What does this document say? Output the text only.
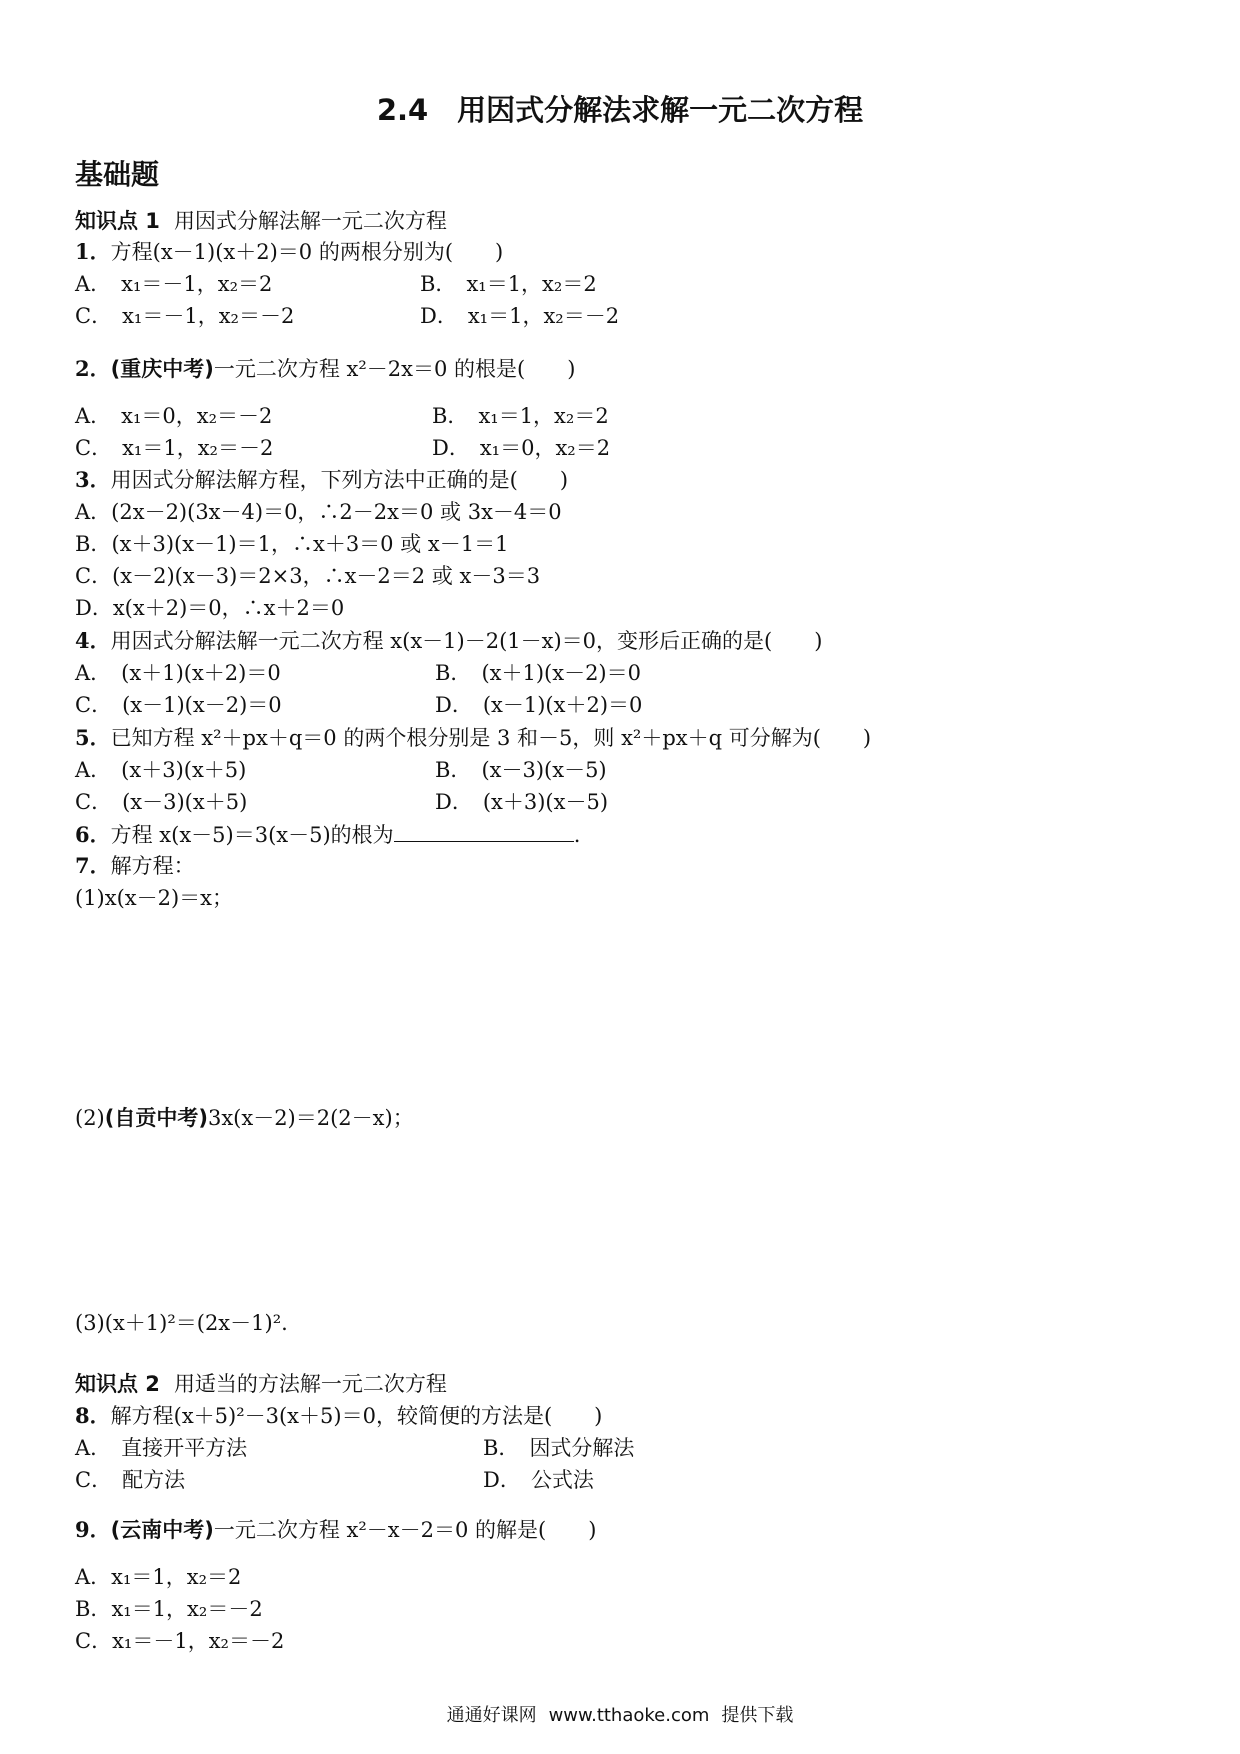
2.4　用因式分解法求解一元二次方程
基础题

知识点 1 用因式分解法解一元二次方程

1．方程(x－1)(x＋2)＝0 的两根分别为(　　)

A． x₁＝－1，x₂＝2	B． x₁＝1，x₂＝2
C． x₁＝－1，x₂＝－2	D． x₁＝1，x₂＝－2

2．(重庆中考)一元二次方程 x²－2x＝0 的根是(　　)

A． x₁＝0，x₂＝－2	B． x₁＝1，x₂＝2
C． x₁＝1，x₂＝－2	D． x₁＝0，x₂＝2

3．用因式分解法解方程，下列方法中正确的是(　　)

A．(2x－2)(3x－4)＝0，∴2－2x＝0 或 3x－4＝0

B．(x＋3)(x－1)＝1，∴x＋3＝0 或 x－1＝1

C．(x－2)(x－3)＝2×3，∴x－2＝2 或 x－3＝3

D．x(x＋2)＝0，∴x＋2＝0

4．用因式分解法解一元二次方程 x(x－1)－2(1－x)＝0，变形后正确的是(　　)

A． (x＋1)(x＋2)＝0	B． (x＋1)(x－2)＝0
C． (x－1)(x－2)＝0	D． (x－1)(x＋2)＝0

5．已知方程 x²＋px＋q＝0 的两个根分别是 3 和－5，则 x²＋px＋q 可分解为(　　)

A． (x＋3)(x＋5)	B． (x－3)(x－5)
C． (x－3)(x＋5)	D． (x＋3)(x－5)

6．方程 x(x－5)＝3(x－5)的根为	.

7．解方程：

(1)x(x－2)＝x；

(2)(自贡中考)3x(x－2)＝2(2－x)；

(3)(x＋1)²＝(2x－1)².

知识点 2 用适当的方法解一元二次方程

8．解方程(x＋5)²－3(x＋5)＝0，较简便的方法是(　　)

A． 直接开平方法	B． 因式分解法
C． 配方法	D． 公式法

9．(云南中考)一元二次方程 x²－x－2＝0 的解是(　　)

A．x₁＝1，x₂＝2

B．x₁＝1，x₂＝－2

C．x₁＝－1，x₂＝－2

通通好课网 www.tthaoke.com 提供下载
